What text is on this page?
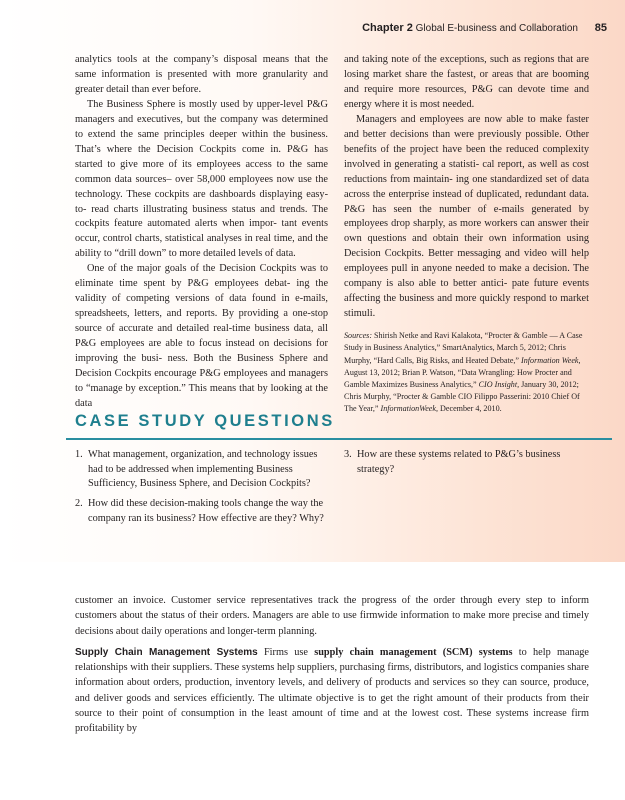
Chapter 2 Global E-business and Collaboration 85

analytics tools at the company’s disposal means that the same information is presented with more granularity and greater detail than ever before.

The Business Sphere is mostly used by upper-level P&G managers and executives, but the company was determined to extend the same principles deeper within the business. That’s where the Decision Cockpits come in. P&G has started to give more of its employees access to the same common data sources– over 58,000 employees now use the technology. These cockpits are dashboards displaying easy-to- read charts illustrating business status and trends. The cockpits feature automated alerts when impor- tant events occur, control charts, statistical analyses in real time, and the ability to “drill down” to more detailed levels of data.

One of the major goals of the Decision Cockpits was to eliminate time spent by P&G employees debat- ing the validity of competing versions of data found in e-mails, spreadsheets, letters, and reports. By providing a one-stop source of accurate and detailed real-time business data, all P&G employees are able to focus instead on decisions for improving the busi- ness. Both the Business Sphere and Decision Cockpits encourage P&G employees and managers to “manage by exception.” This means that by looking at the data

and taking note of the exceptions, such as regions that are losing market share the fastest, or areas that are booming and require more resources, P&G can devote time and energy where it is most needed.

Managers and employees are now able to make faster and better decisions than were previously possible. Other benefits of the project have been the reduced complexity involved in generating a statisti- cal report, as well as cost reductions from maintain- ing one standardized set of data across the enterprise instead of duplicated, redundant data. P&G has seen the number of e-mails generated by employees drop sharply, as more workers can answer their own questions and obtain their own information using Decision Cockpits. Better messaging and video will help employees pull in anyone needed to make a decision. The company is also able to better antici- pate future events affecting the business and more quickly respond to market stimuli.

Sources: Shirish Netke and Ravi Kalakota, “Procter & Gamble — A Case Study in Business Analytics,” SmartAnalytics, March 5, 2012; Chris Murphy, “Hard Calls, Big Risks, and Heated Debate,” Information Week, August 13, 2012; Brian P. Watson, “Data Wrangling: How Procter and Gamble Maximizes Business Analytics,” CIO Insight, January 30, 2012; Chris Murphy, “Procter & Gamble CIO Filippo Passerini: 2010 Chief Of The Year,” InformationWeek, December 4, 2010.

CASE STUDY QUESTIONS
1. What management, organization, and technology issues had to be addressed when implementing Business Sufficiency, Business Sphere, and Decision Cockpits?
2. How did these decision-making tools change the way the company ran its business? How effective are they? Why?
3. How are these systems related to P&G’s business strategy?

customer an invoice. Customer service representatives track the progress of the order through every step to inform customers about the status of their orders. Managers are able to use firmwide information to make more precise and timely decisions about daily operations and longer-term planning.

Supply Chain Management Systems Firms use supply chain management (SCM) systems to help manage relationships with their suppliers. These systems help suppliers, purchasing firms, distributors, and logistics companies share information about orders, production, inventory levels, and delivery of products and services so they can source, produce, and deliver goods and services efficiently. The ultimate objective is to get the right amount of their products from their source to their point of consumption in the least amount of time and at the lowest cost. These systems increase firm profitability by
